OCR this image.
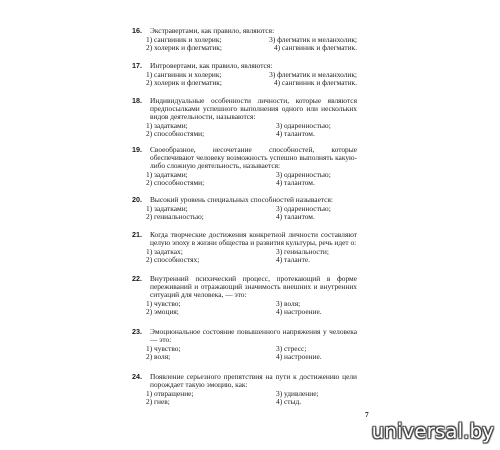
16.	Экстравертами, как правило, являются:
1) сангвиник и холерик;	3) флегматик и меланхолик;
2) холерик и флегматик;	4) сангвиник и флегматик.
17.	Интровертами, как правило, являются:
1) сангвиник и холерик;	3) флегматик и меланхолик;
2) холерик и флегматик;	4) сангвиник и флегматик.
18.	Индивидуальные особенности личности, которые являются предпосылками успешного выполнения одного или нескольких видов деятельности, называются:
1) задатками;	3) одаренностью;
2) способностями;	4) талантом.
19.	Своеобразное, несочетание способностей, которые обеспечивают человеку возможность успешно выполнять какую-либо сложную деятельность, называется:
1) задатками;	3) одаренностью;
2) способностями;	4) талантом.
20.	Высокий уровень специальных способностей называется:
1) задатками;	3) одаренностью;
2) гениальностью;	4) талантом.
21.	Когда творческие достижения конкретной личности составляют целую эпоху в жизни общества и развития культуры, речь идет о:
1) задатках;	3) гениальности;
2) способностях;	4) таланте.
22.	Внутренний психический процесс, протекающий в форме переживаний и отражающий значимость внешних и внутренних ситуаций для человека, — это:
1) чувство;	3) воля;
2) эмоция;	4) настроение.
23.	Эмоциональное состояние повышенного напряжения у человека — это:
1) чувство;	3) стресс;
2) воля;	4) настроение.
24.	Появление серьезного препятствия на пути к достижению цели порождает такую эмоцию, как:
1) отвращение;	3) удивление;
2) гнев;	4) стыд.
7
universal.by
